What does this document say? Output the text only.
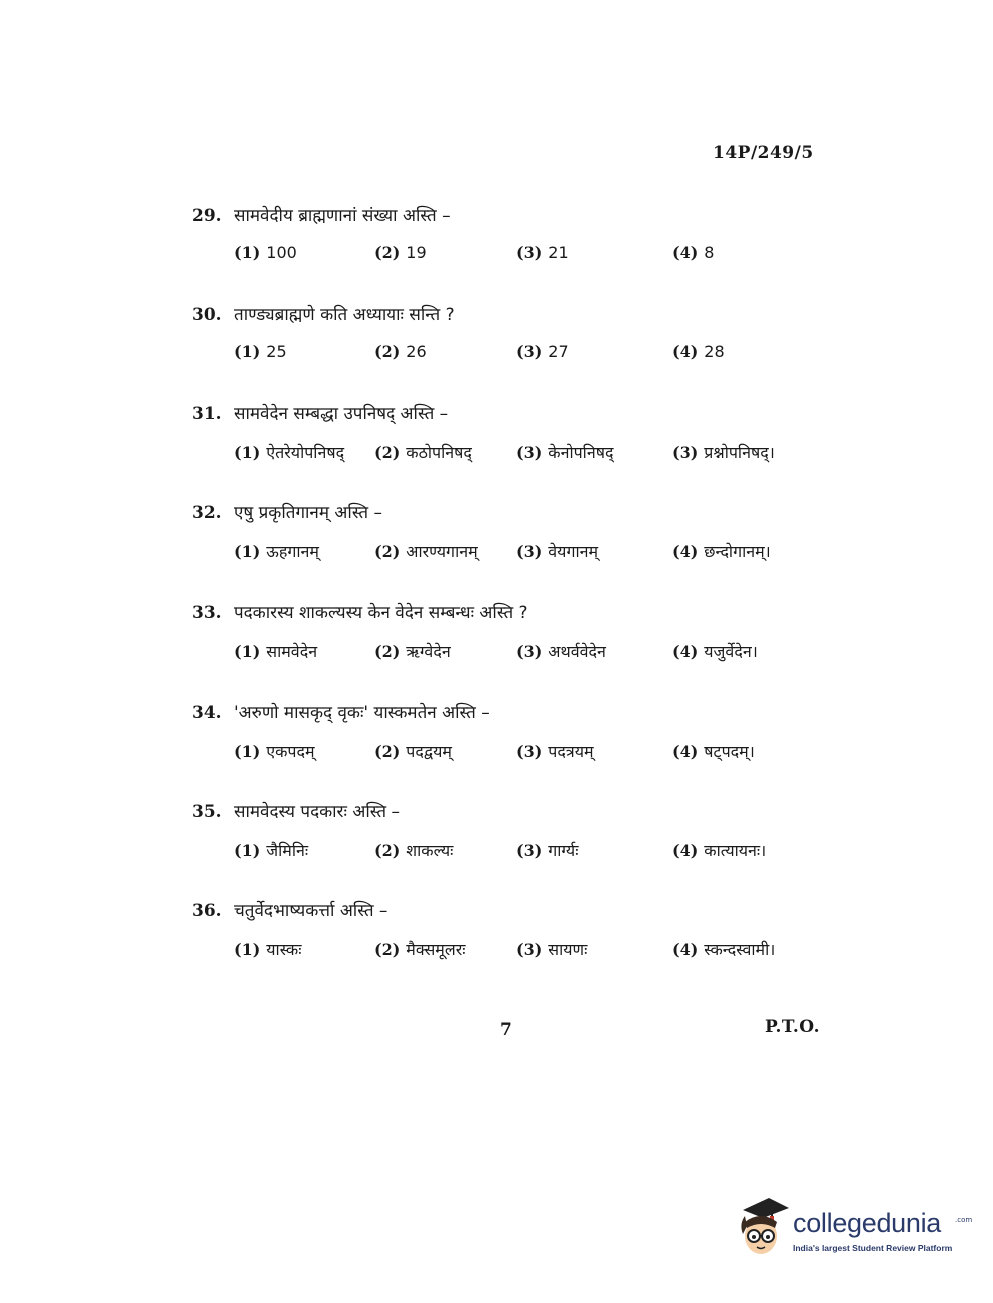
14P/249/5
29. सामवेदीय ब्राह्मणानां संख्या अस्ति –
(1) 100	(2) 19	(3) 21	(4) 8
30. ताण्ड्यब्राह्मणे कति अध्यायाः सन्ति ?
(1) 25	(2) 26	(3) 27	(4) 28
31. सामवेदेन सम्बद्धा उपनिषद् अस्ति –
(1) ऐतरेयोपनिषद् (2) कठोपनिषद्	(3) केनोपनिषद्	(3) प्रश्नोपनिषद्।
32. एषु प्रकृतिगानम् अस्ति –
(1) ऊहगानम्	(2) आरण्यगानम् (3) वेयगानम्	(4) छन्दोगानम्।
33. पदकारस्य शाकल्यस्य केन वेदेन सम्बन्धः अस्ति ?
(1) सामवेदेन	(2) ऋग्वेदेन	(3) अथर्ववेदेन	(4) यजुर्वेदेन।
34. 'अरुणो मासकृद् वृकः' यास्कमतेन अस्ति –
(1) एकपदम्	(2) पदद्वयम्	(3) पदत्रयम्	(4) षट्पदम्।
35. सामवेदस्य पदकारः अस्ति –
(1) जैमिनिः	(2) शाकल्यः	(3) गार्ग्यः	(4) कात्यायनः।
36. चतुर्वेदभाष्यकर्त्ता अस्ति –
(1) यास्कः	(2) मैक्समूलरः	(3) सायणः	(4) स्कन्दस्वामी।
7	P.T.O.
collegedunia .com
India's largest Student Review Platform
